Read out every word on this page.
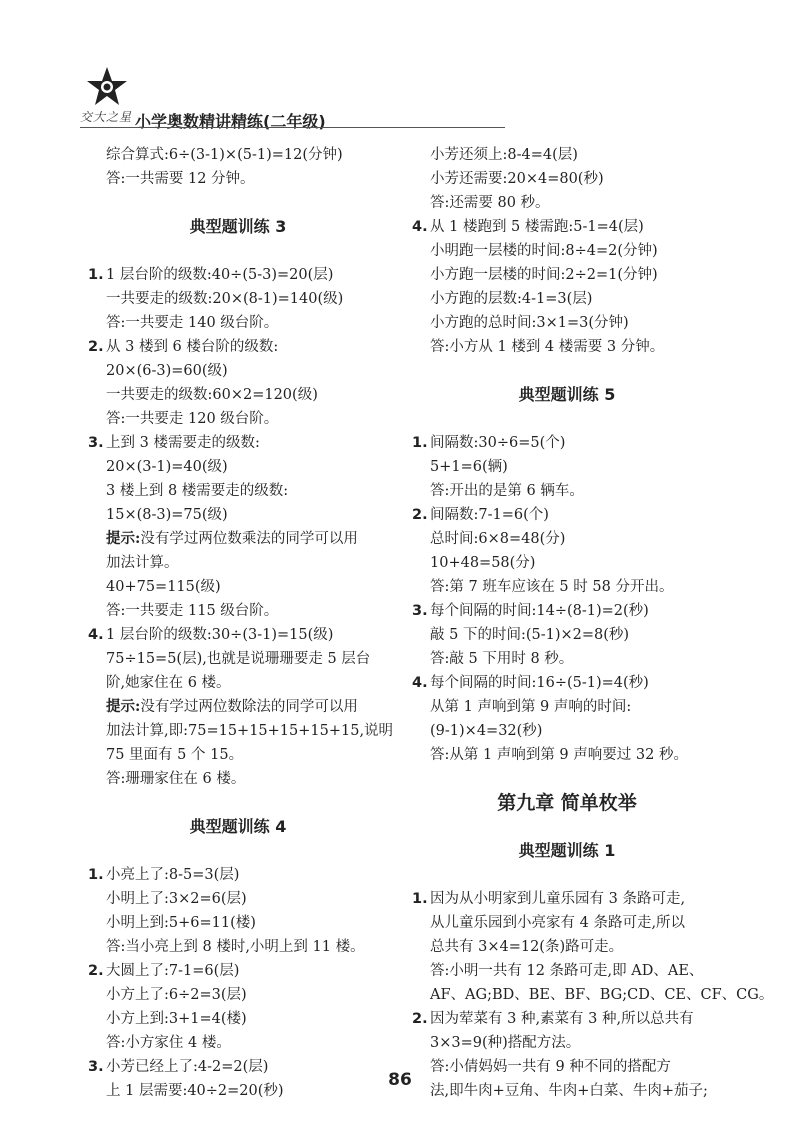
交大之星 小学奥数精讲精练(二年级)
综合算式:6÷(3-1)×(5-1)=12(分钟)
答:一共需要 12 分钟。
典型题训练 3
1. 1 层台阶的级数:40÷(5-3)=20(层)
一共要走的级数:20×(8-1)=140(级)
答:一共要走 140 级台阶。
2. 从 3 楼到 6 楼台阶的级数:
20×(6-3)=60(级)
一共要走的级数:60×2=120(级)
答:一共要走 120 级台阶。
3. 上到 3 楼需要走的级数:
20×(3-1)=40(级)
3 楼上到 8 楼需要走的级数:
15×(8-3)=75(级)
提示:没有学过两位数乘法的同学可以用
加法计算。
40+75=115(级)
答:一共要走 115 级台阶。
4. 1 层台阶的级数:30÷(3-1)=15(级)
75÷15=5(层),也就是说珊珊要走 5 层台
阶,她家住在 6 楼。
提示:没有学过两位数除法的同学可以用
加法计算,即:75=15+15+15+15+15,说明
75 里面有 5 个 15。
答:珊珊家住在 6 楼。
典型题训练 4
1. 小亮上了:8-5=3(层)
小明上了:3×2=6(层)
小明上到:5+6=11(楼)
答:当小亮上到 8 楼时,小明上到 11 楼。
2. 大圆上了:7-1=6(层)
小方上了:6÷2=3(层)
小方上到:3+1=4(楼)
答:小方家住 4 楼。
3. 小芳已经上了:4-2=2(层)
上 1 层需要:40÷2=20(秒)
小芳还须上:8-4=4(层)
小芳还需要:20×4=80(秒)
答:还需要 80 秒。
4. 从 1 楼跑到 5 楼需跑:5-1=4(层)
小明跑一层楼的时间:8÷4=2(分钟)
小方跑一层楼的时间:2÷2=1(分钟)
小方跑的层数:4-1=3(层)
小方跑的总时间:3×1=3(分钟)
答:小方从 1 楼到 4 楼需要 3 分钟。
典型题训练 5
1. 间隔数:30÷6=5(个)
5+1=6(辆)
答:开出的是第 6 辆车。
2. 间隔数:7-1=6(个)
总时间:6×8=48(分)
10+48=58(分)
答:第 7 班车应该在 5 时 58 分开出。
3. 每个间隔的时间:14÷(8-1)=2(秒)
敲 5 下的时间:(5-1)×2=8(秒)
答:敲 5 下用时 8 秒。
4. 每个间隔的时间:16÷(5-1)=4(秒)
从第 1 声响到第 9 声响的时间:
(9-1)×4=32(秒)
答:从第 1 声响到第 9 声响要过 32 秒。
第九章 简单枚举
典型题训练 1
1. 因为从小明家到儿童乐园有 3 条路可走,
从儿童乐园到小亮家有 4 条路可走,所以
总共有 3×4=12(条)路可走。
答:小明一共有 12 条路可走,即 AD、AE、
AF、AG;BD、BE、BF、BG;CD、CE、CF、CG。
2. 因为荤菜有 3 种,素菜有 3 种,所以总共有
3×3=9(种)搭配方法。
答:小倩妈妈一共有 9 种不同的搭配方
法,即牛肉+豆角、牛肉+白菜、牛肉+茄子;
86
